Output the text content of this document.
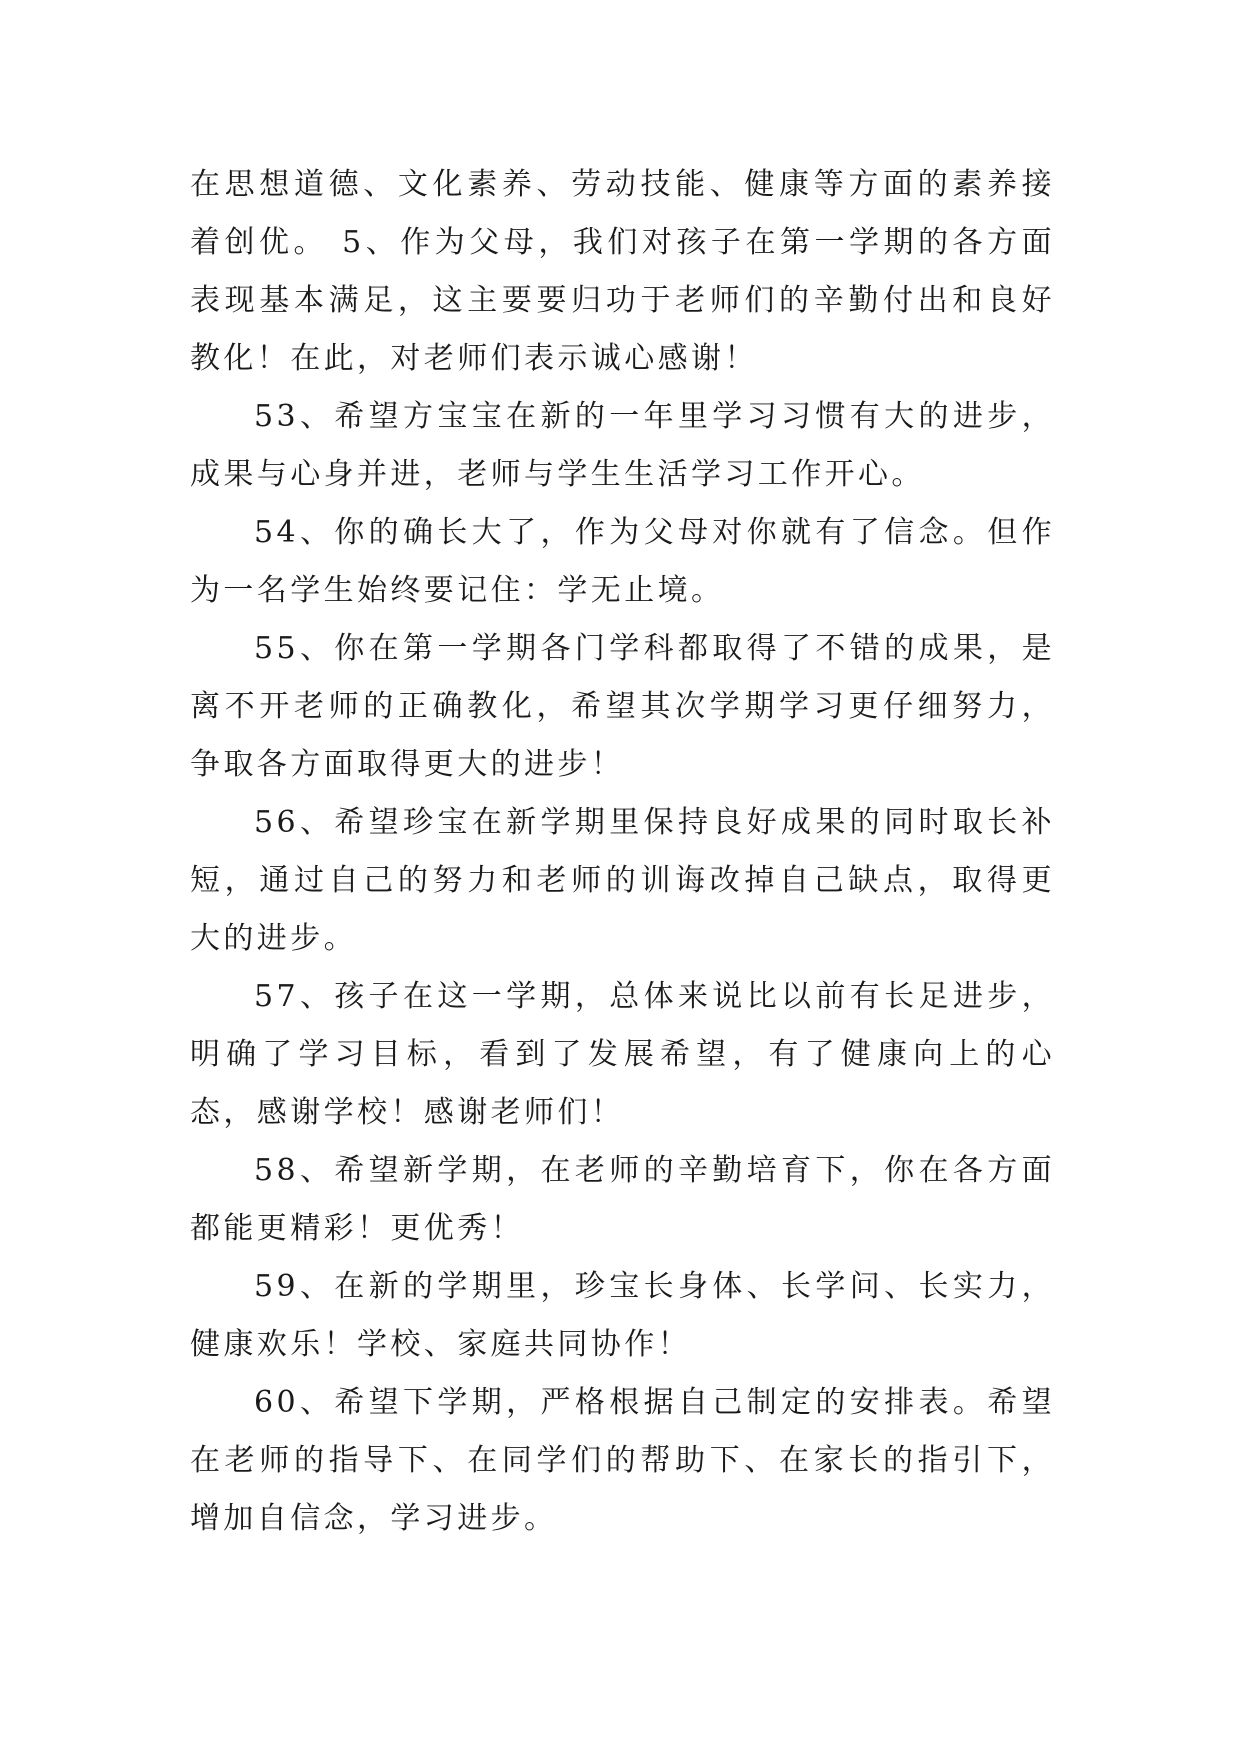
在思想道德、文化素养、劳动技能、健康等方面的素养接着创优。 5、作为父母，我们对孩子在第一学期的各方面表现基本满足，这主要要归功于老师们的辛勤付出和良好教化！在此，对老师们表示诚心感谢！

53、希望方宝宝在新的一年里学习习惯有大的进步，成果与心身并进，老师与学生生活学习工作开心。

54、你的确长大了，作为父母对你就有了信念。但作为一名学生始终要记住：学无止境。

55、你在第一学期各门学科都取得了不错的成果，是离不开老师的正确教化，希望其次学期学习更仔细努力，争取各方面取得更大的进步！

56、希望珍宝在新学期里保持良好成果的同时取长补短，通过自己的努力和老师的训诲改掉自己缺点，取得更大的进步。

57、孩子在这一学期，总体来说比以前有长足进步，明确了学习目标，看到了发展希望，有了健康向上的心态，感谢学校！感谢老师们！

58、希望新学期，在老师的辛勤培育下，你在各方面都能更精彩！更优秀！

59、在新的学期里，珍宝长身体、长学问、长实力，健康欢乐！学校、家庭共同协作！

60、希望下学期，严格根据自己制定的安排表。希望在老师的指导下、在同学们的帮助下、在家长的指引下，增加自信念，学习进步。
